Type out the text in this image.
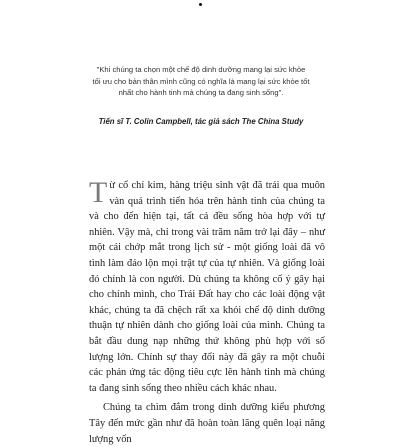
"Khi chúng ta chọn một chế độ dinh dưỡng mang lại sức khỏe
tối ưu cho bản thân mình cũng có nghĩa là mang lại sức khỏe tốt
nhất cho hành tinh mà chúng ta đang sinh sống".
Tiến sĩ T. Colin Campbell, tác giả sách The China Study

Từ cổ chí kim, hàng triệu sinh vật đã trải qua muôn vàn quá trình tiến hóa trên hành tinh của chúng ta và cho đến hiện tại, tất cả đều sống hòa hợp với tự nhiên. Vậy mà, chỉ trong vài trăm năm trở lại đây – như một cái chớp mắt trong lịch sử - một giống loài đã vô tình làm đảo lộn mọi trật tự của tự nhiên. Và giống loài đó chính là con người. Dù chúng ta không cố ý gây hại cho chính mình, cho Trái Đất hay cho các loài động vật khác, chúng ta đã chệch rất xa khỏi chế độ dinh dưỡng thuận tự nhiên dành cho giống loài của mình. Chúng ta bắt đầu dung nạp những thứ không phù hợp với số lượng lớn. Chính sự thay đổi này đã gây ra một chuỗi các phản ứng tác động tiêu cực lên hành tinh mà chúng ta đang sinh sống theo nhiều cách khác nhau.

Chúng ta chìm đắm trong dinh dưỡng kiểu phương Tây đến mức gần như đã hoàn toàn lãng quên loại năng lượng vốn
